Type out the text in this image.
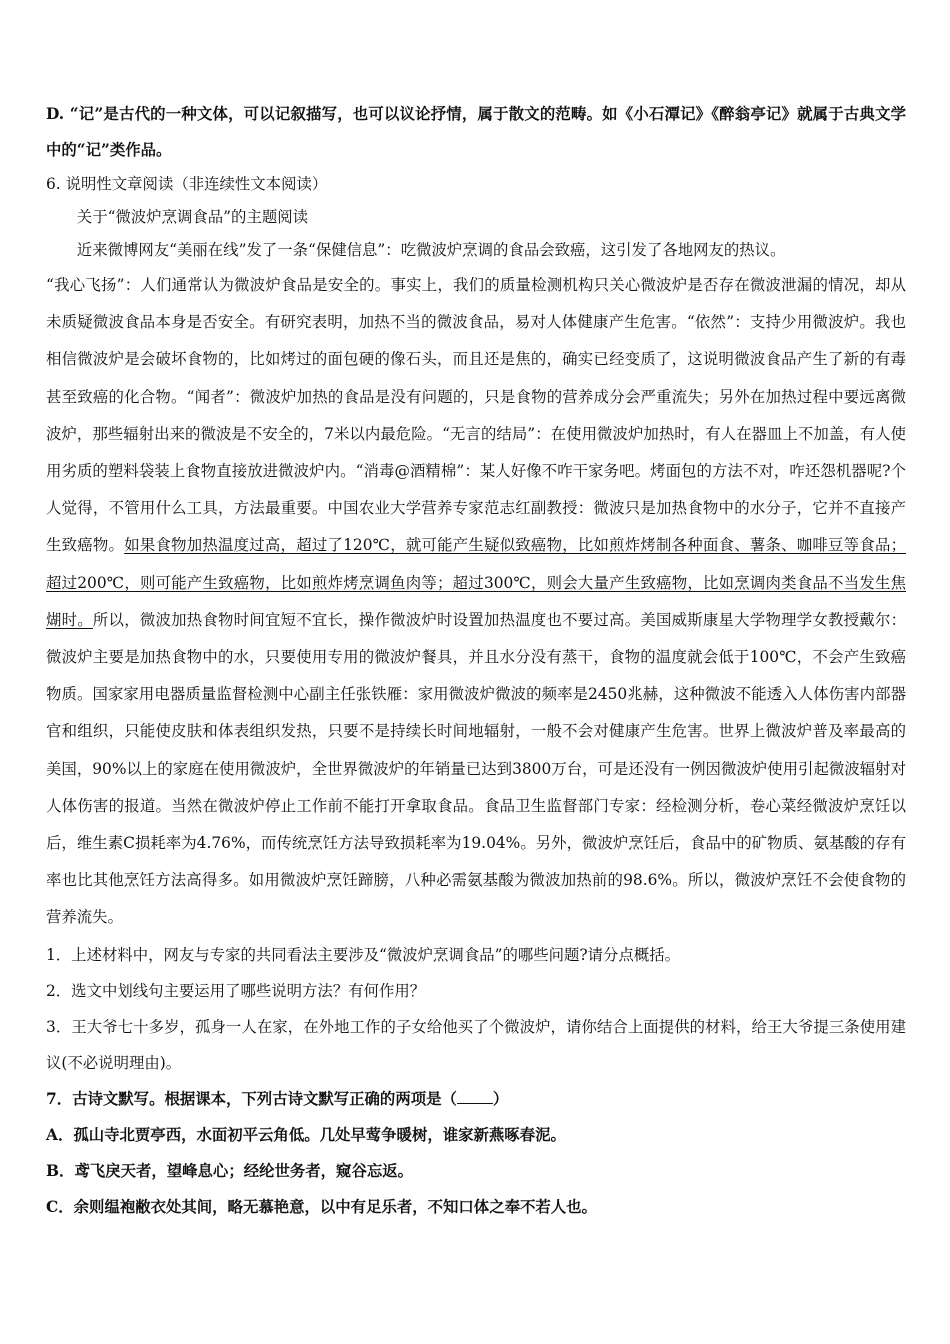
D. “记”是古代的一种文体，可以记叙描写，也可以议论抒情，属于散文的范畴。如《小石潭记》《醉翁亭记》就属于古典文学中的“记”类作品。

6. 说明性文章阅读（非连续性文本阅读）

关于“微波炉烹调食品”的主题阅读

近来微博网友“美丽在线”发了一条“保健信息”：吃微波炉烹调的食品会致癌，这引发了各地网友的热议。

“我心飞扬”：人们通常认为微波炉食品是安全的。事实上，我们的质量检测机构只关心微波炉是否存在微波泄漏的情况，却从未质疑微波食品本身是否安全。有研究表明，加热不当的微波食品，易对人体健康产生危害。“依然”：支持少用微波炉。我也相信微波炉是会破坏食物的，比如烤过的面包硬的像石头，而且还是焦的，确实已经变质了，这说明微波食品产生了新的有毒甚至致癌的化合物。“闻者”：微波炉加热的食品是没有问题的，只是食物的营养成分会严重流失；另外在加热过程中要远离微波炉，那些辐射出来的微波是不安全的，7米以内最危险。“无言的结局”：在使用微波炉加热时，有人在器皿上不加盖，有人使用劣质的塑料袋装上食物直接放进微波炉内。“消毒@酒精棉”：某人好像不咋干家务吧。烤面包的方法不对，咋还怨机器呢?个人觉得，不管用什么工具，方法最重要。中国农业大学营养专家范志红副教授：微波只是加热食物中的水分子，它并不直接产生致癌物。如果食物加热温度过高，超过了120℃，就可能产生疑似致癌物，比如煎炸烤制各种面食、薯条、咖啡豆等食品；超过200℃，则可能产生致癌物，比如煎炸烤烹调鱼肉等；超过300℃，则会大量产生致癌物，比如烹调肉类食品不当发生焦煳时。所以，微波加热食物时间宜短不宜长，操作微波炉时设置加热温度也不要过高。美国威斯康星大学物理学女教授戴尔：微波炉主要是加热食物中的水，只要使用专用的微波炉餐具，并且水分没有蒸干，食物的温度就会低于100℃，不会产生致癌物质。国家家用电器质量监督检测中心副主任张铁雁：家用微波炉微波的频率是2450兆赫，这种微波不能透入人体伤害内部器官和组织，只能使皮肤和体表组织发热，只要不是持续长时间地辐射，一般不会对健康产生危害。世界上微波炉普及率最高的美国，90%以上的家庭在使用微波炉，全世界微波炉的年销量已达到3800万台，可是还没有一例因微波炉使用引起微波辐射对人体伤害的报道。当然在微波炉停止工作前不能打开拿取食品。食品卫生监督部门专家：经检测分析，卷心菜经微波炉烹饪以后，维生素C损耗率为4.76%，而传统烹饪方法导致损耗率为19.04%。另外，微波炉烹饪后，食品中的矿物质、氨基酸的存有率也比其他烹饪方法高得多。如用微波炉烹饪蹄膀，八种必需氨基酸为微波加热前的98.6%。所以，微波炉烹饪不会使食物的营养流失。

1．上述材料中，网友与专家的共同看法主要涉及“微波炉烹调食品”的哪些问题?请分点概括。

2．选文中划线句主要运用了哪些说明方法？有何作用？

3．王大爷七十多岁，孤身一人在家，在外地工作的子女给他买了个微波炉，请你结合上面提供的材料，给王大爷提三条使用建议(不必说明理由)。

7．古诗文默写。根据课本，下列古诗文默写正确的两项是（ ）

A．孤山寺北贾亭西，水面初平云角低。几处早莺争暖树，谁家新燕啄春泥。

B．鸢飞戾天者，望峰息心；经纶世务者，窥谷忘返。

C．余则缊袍敝衣处其间，略无慕艳意，以中有足乐者，不知口体之奉不若人也。
